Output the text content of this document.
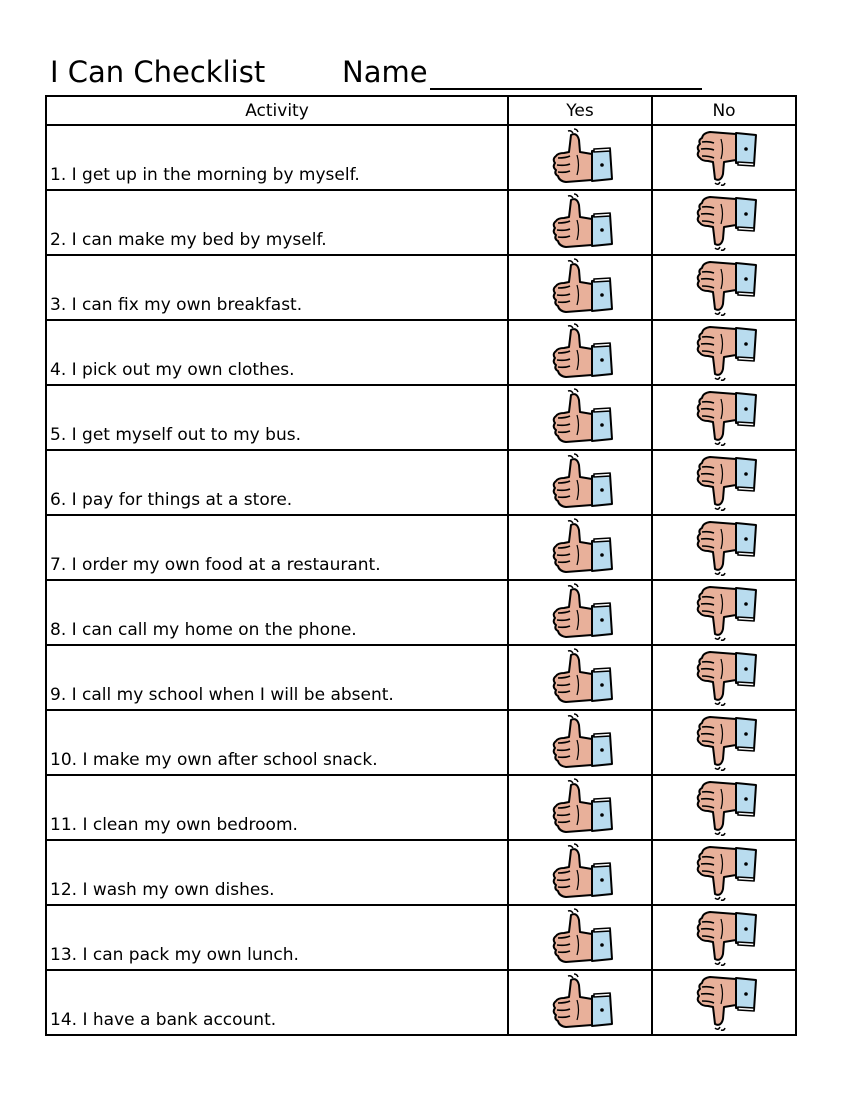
I Can Checklist	Name
Activity	Yes	No
1. I get up in the morning by myself.	

2. I can make my bed by myself.	

3. I can fix my own breakfast.	

4. I pick out my own clothes.	

5. I get myself out to my bus.	

6. I pay for things at a store.	

7. I order my own food at a restaurant.	

8. I can call my home on the phone.	

9. I call my school when I will be absent.	

10. I make my own after school snack.	

11. I clean my own bedroom.	

12. I wash my own dishes.	

13. I can pack my own lunch.	

14. I have a bank account.	
